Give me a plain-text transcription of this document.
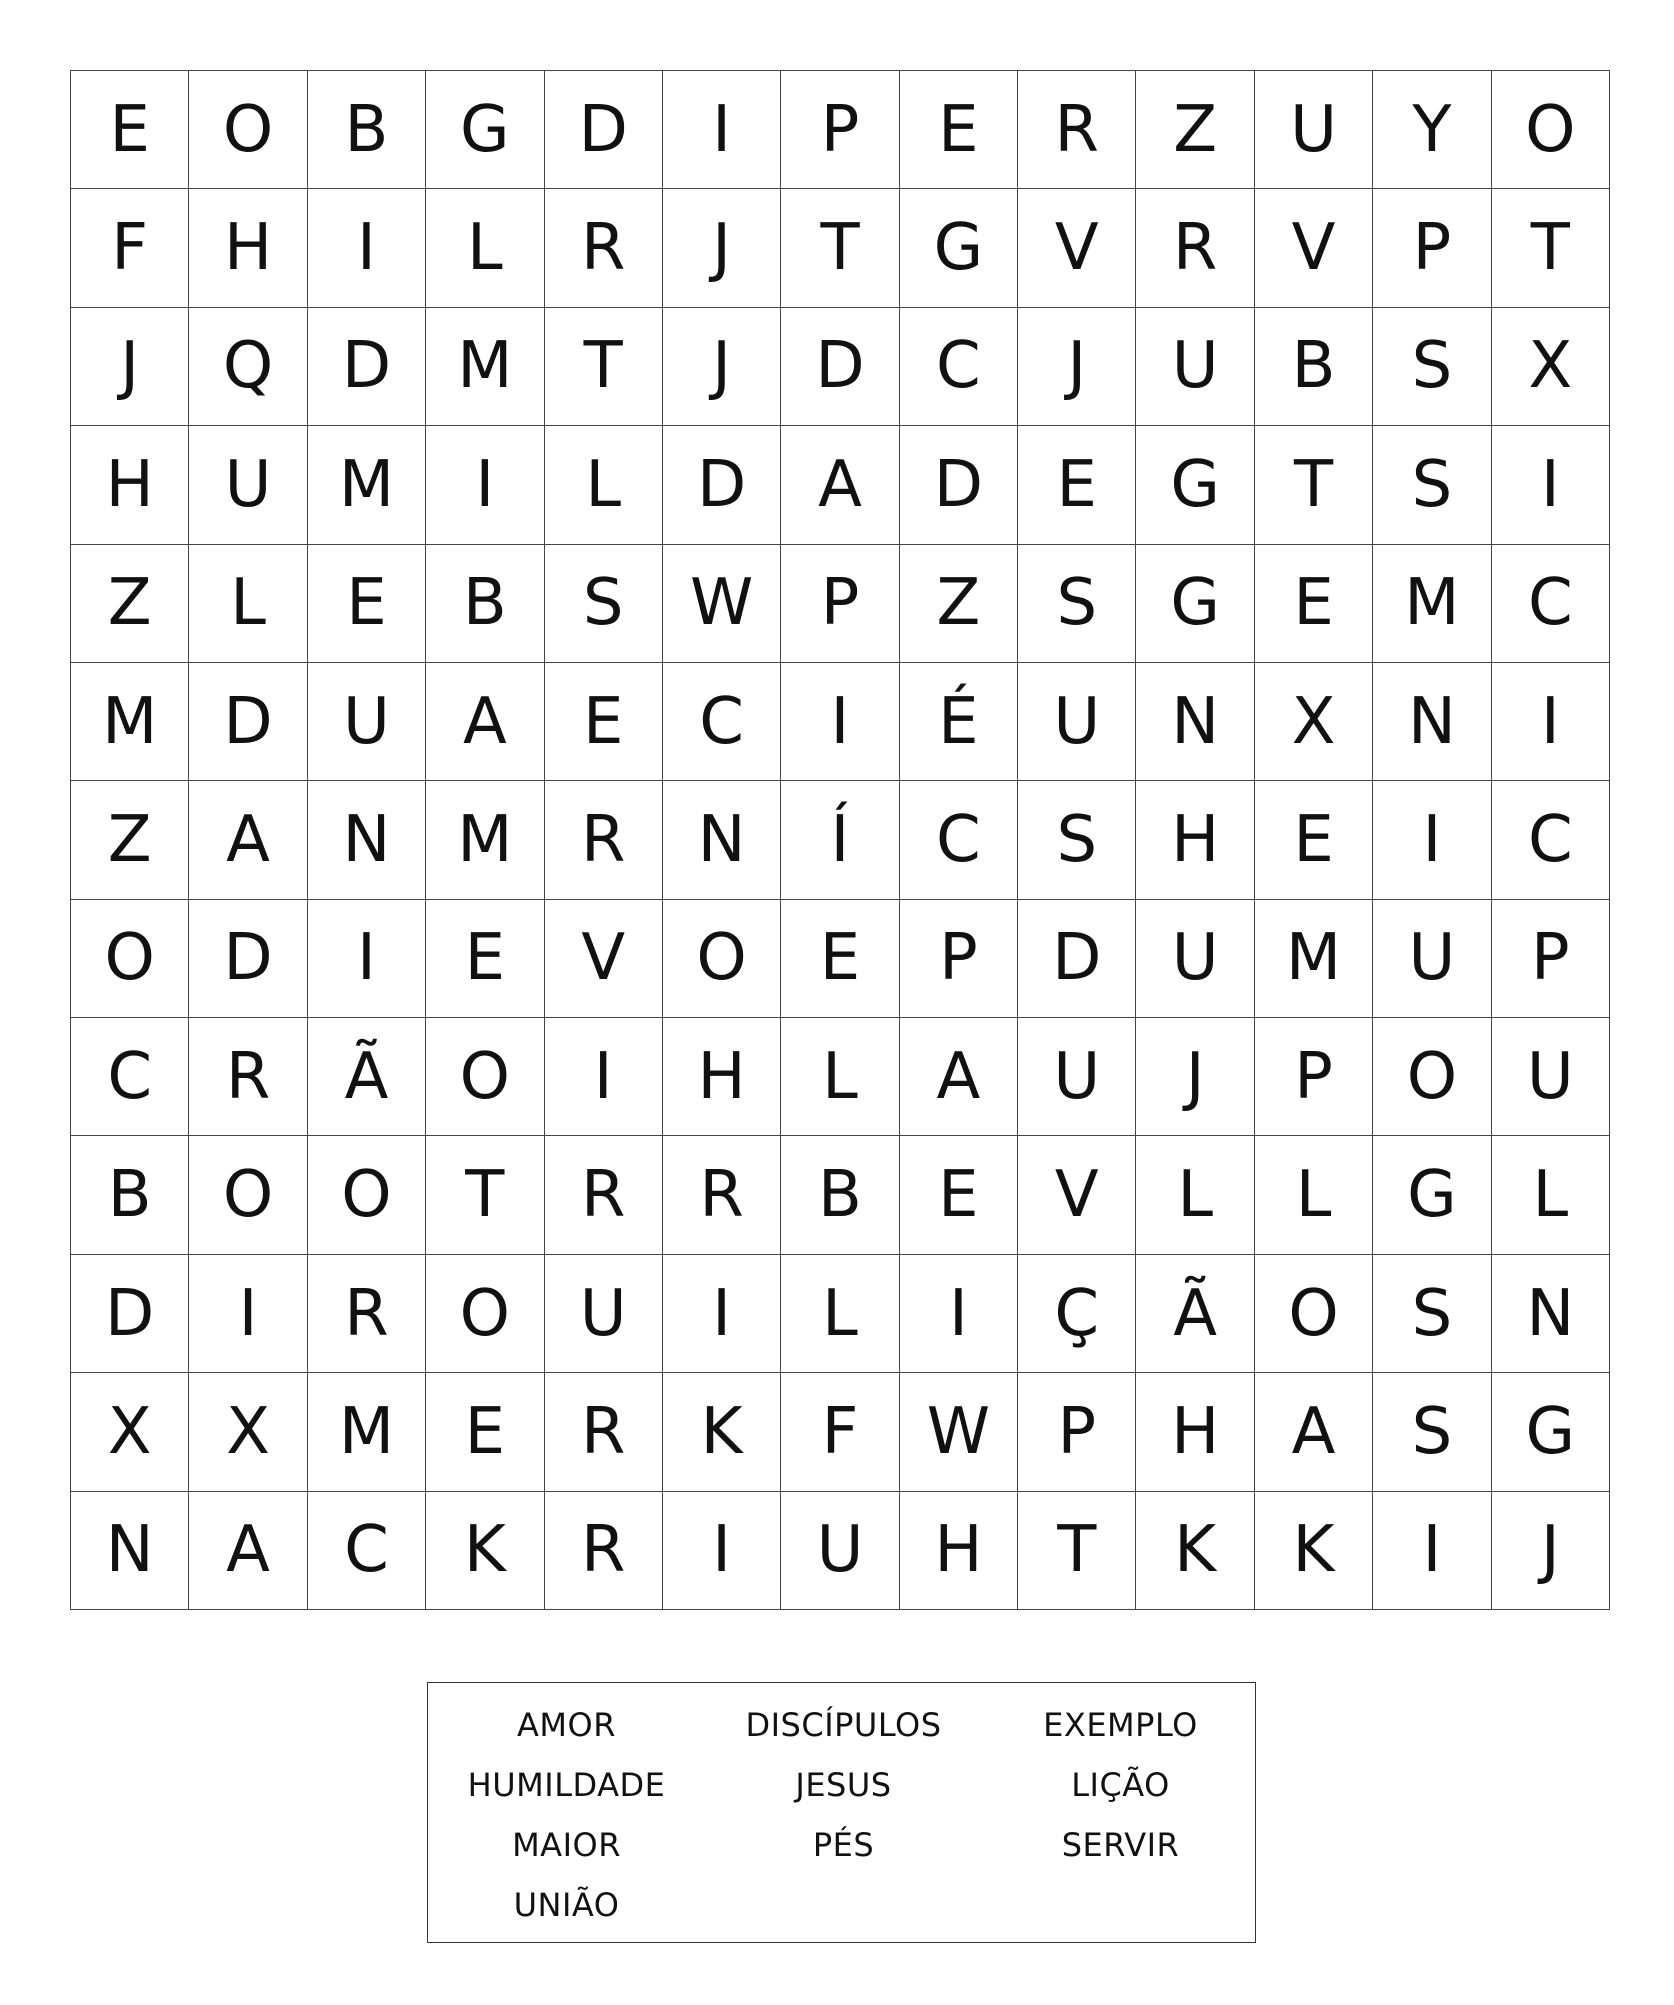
E	O	B	G	D	I	P	E	R	Z	U	Y	O
F	H	I	L	R	J	T	G	V	R	V	P	T
J	Q	D	M	T	J	D	C	J	U	B	S	X
H	U	M	I	L	D	A	D	E	G	T	S	I
Z	L	E	B	S	W	P	Z	S	G	E	M	C
M	D	U	A	E	C	I	É	U	N	X	N	I
Z	A	N	M	R	N	Í	C	S	H	E	I	C
O	D	I	E	V	O	E	P	D	U	M	U	P
C	R	Ã	O	I	H	L	A	U	J	P	O	U
B	O	O	T	R	R	B	E	V	L	L	G	L
D	I	R	O	U	I	L	I	Ç	Ã	O	S	N
X	X	M	E	R	K	F	W	P	H	A	S	G
N	A	C	K	R	I	U	H	T	K	K	I	J
AMOR	DISCÍPULOS	EXEMPLO
HUMILDADE	JESUS	LIÇÃO
MAIOR	PÉS	SERVIR
UNIÃO
